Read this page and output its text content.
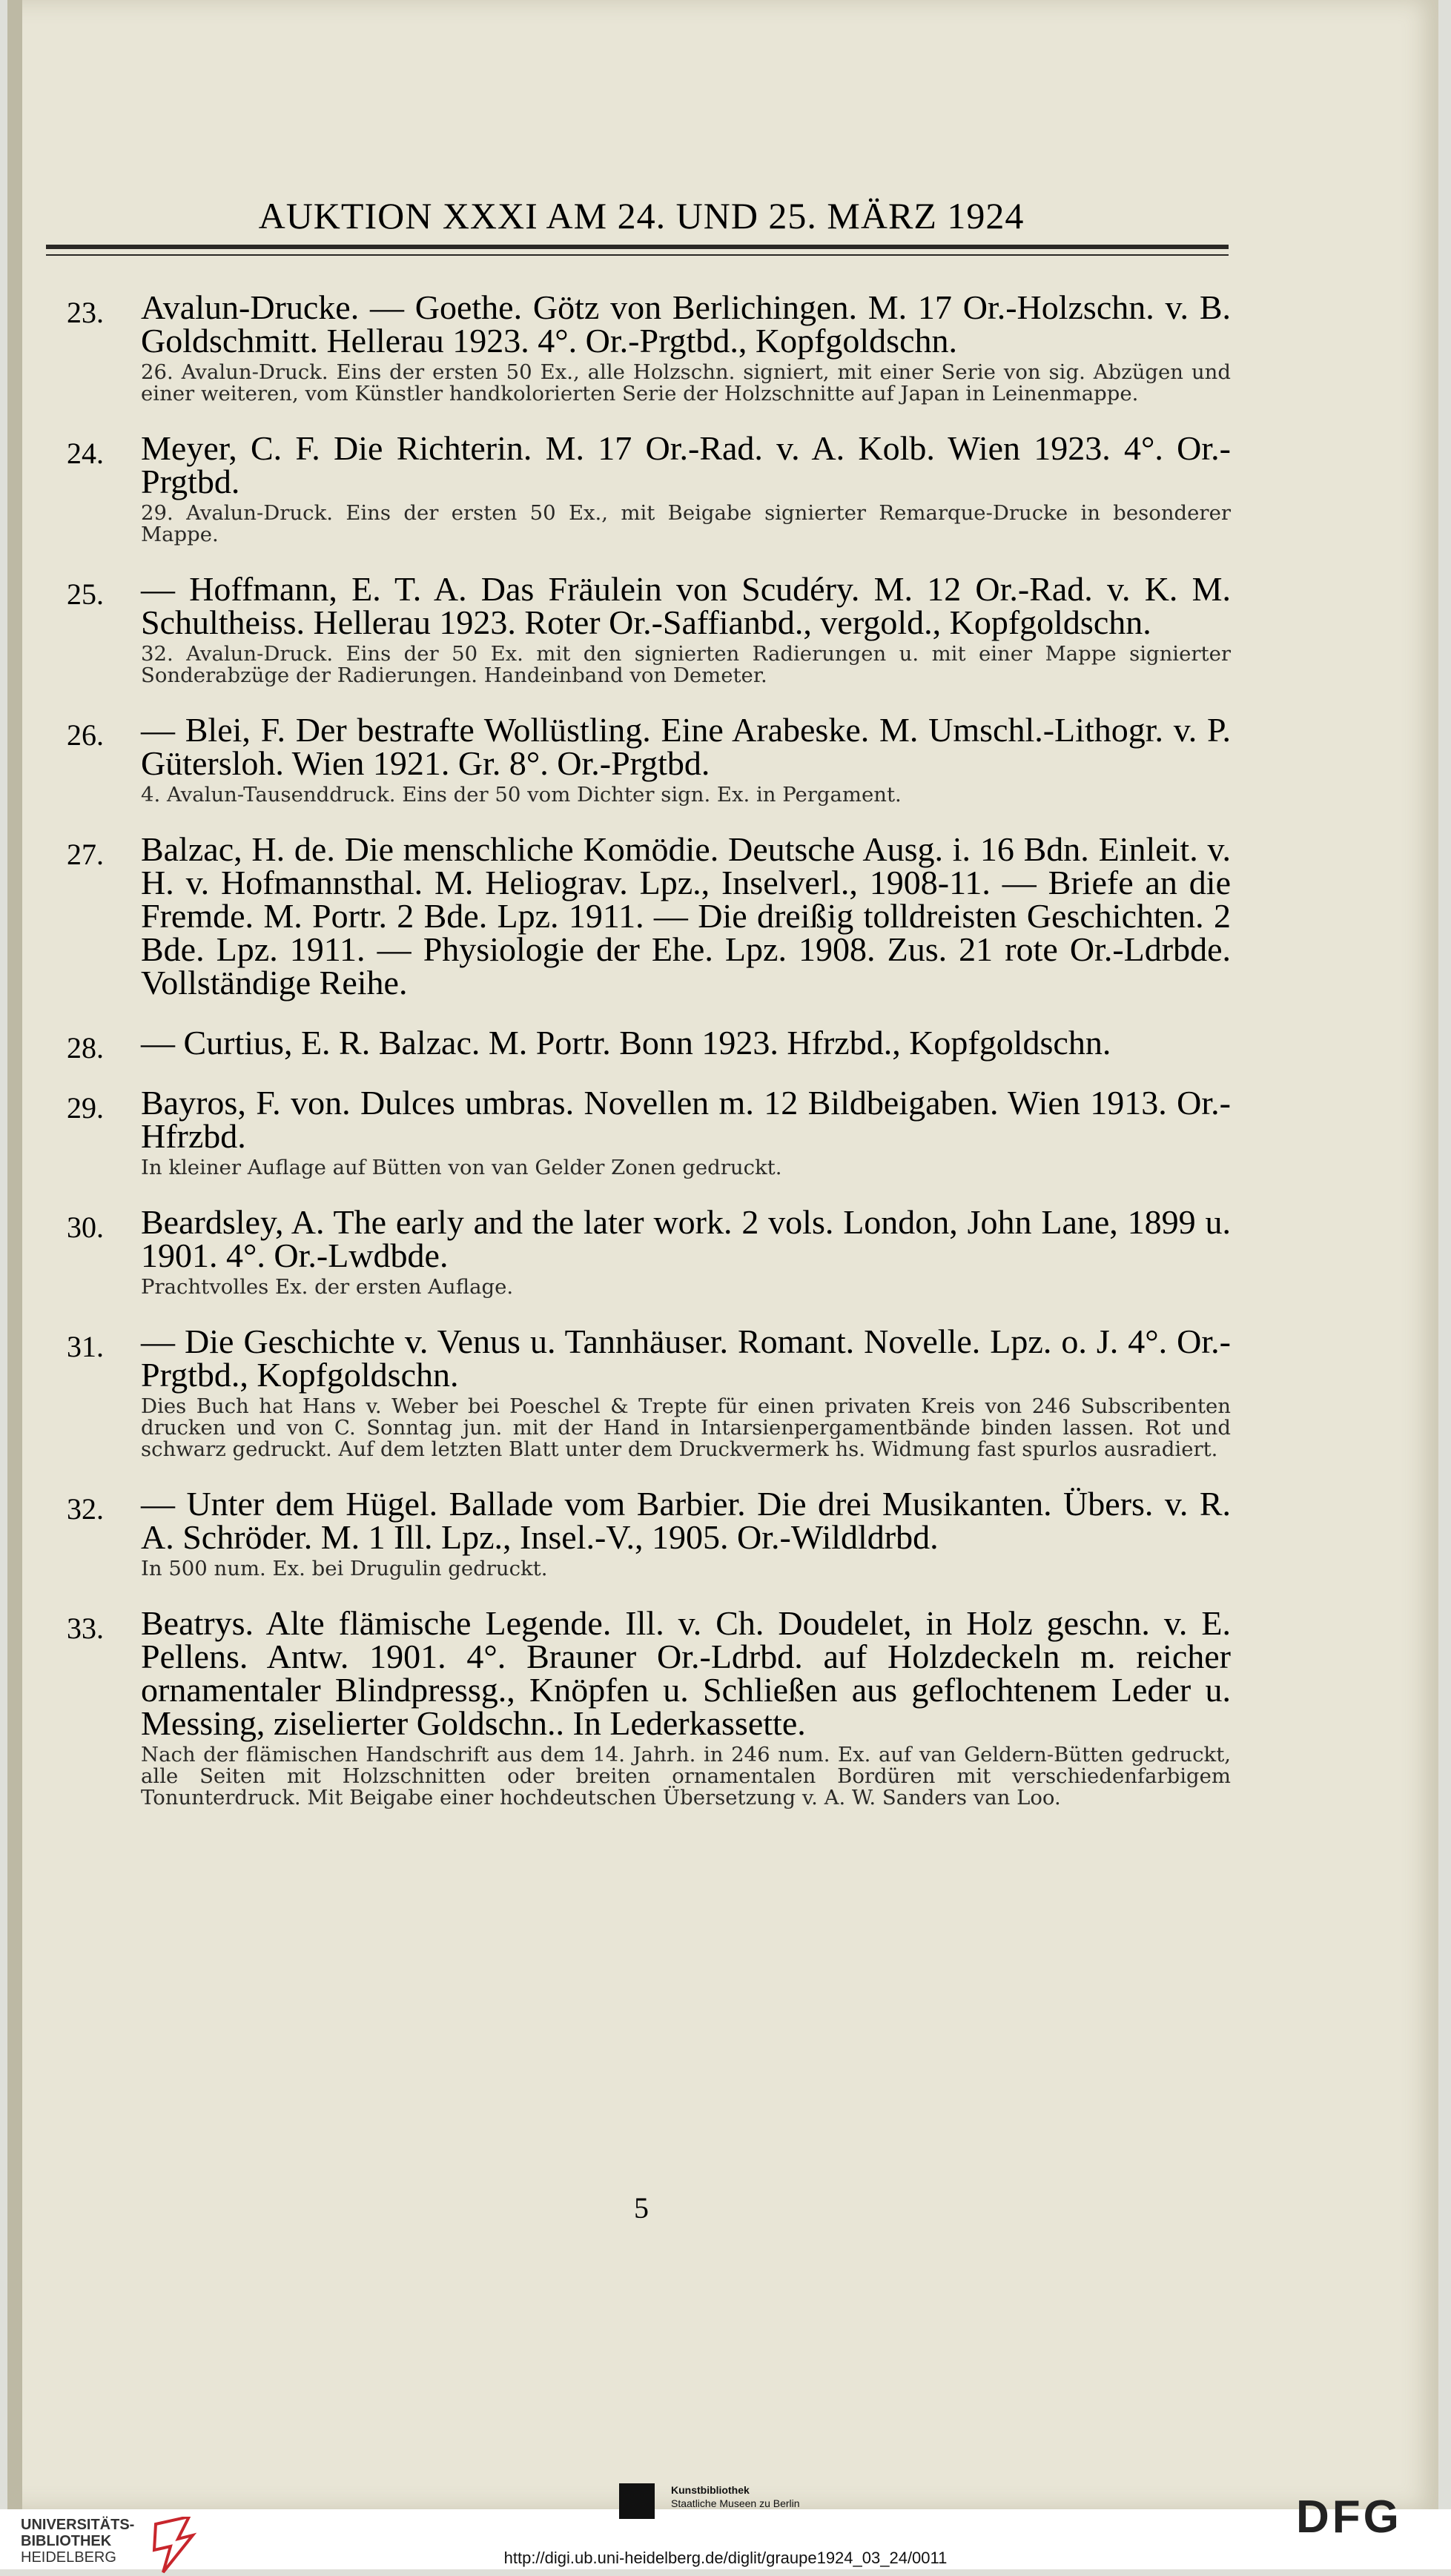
AUKTION XXXI AM 24. UND 25. MÄRZ 1924
23. Avalun-Drucke. — Goethe. Götz von Berlichingen. M. 17 Or.-Holzschn. v. B. Goldschmitt. Hellerau 1923. 4°. Or.-Prgtbd., Kopfgoldschn.
26. Avalun-Druck. Eins der ersten 50 Ex., alle Holzschn. signiert, mit einer Serie von sig. Abzügen und einer weiteren, vom Künstler handkolorierten Serie der Holzschnitte auf Japan in Leinenmappe.
24. Meyer, C. F. Die Richterin. M. 17 Or.-Rad. v. A. Kolb. Wien 1923. 4°. Or.-Prgtbd.
29. Avalun-Druck. Eins der ersten 50 Ex., mit Beigabe signierter Remarque-Drucke in besonderer Mappe.
25. — Hoffmann, E. T. A. Das Fräulein von Scudéry. M. 12 Or.-Rad. v. K. M. Schultheiss. Hellerau 1923. Roter Or.-Saffianbd., vergold., Kopfgoldschn.
32. Avalun-Druck. Eins der 50 Ex. mit den signierten Radierungen u. mit einer Mappe signierter Sonderabzüge der Radierungen. Handeinband von Demeter.
26. — Blei, F. Der bestrafte Wollüstling. Eine Arabeske. M. Umschl.-Lithogr. v. P. Gütersloh. Wien 1921. Gr. 8°. Or.-Prgtbd.
4. Avalun-Tausenddruck. Eins der 50 vom Dichter sign. Ex. in Pergament.
27. Balzac, H. de. Die menschliche Komödie. Deutsche Ausg. i. 16 Bdn. Einleit. v. H. v. Hofmannsthal. M. Heliograv. Lpz., Inselverl., 1908-11. — Briefe an die Fremde. M. Portr. 2 Bde. Lpz. 1911. — Die dreißig tolldreisten Geschichten. 2 Bde. Lpz. 1911. — Physiologie der Ehe. Lpz. 1908. Zus. 21 rote Or.-Ldrbde. Vollständige Reihe.
28. — Curtius, E. R. Balzac. M. Portr. Bonn 1923. Hfrzbd., Kopfgoldschn.
29. Bayros, F. von. Dulces umbras. Novellen m. 12 Bildbeigaben. Wien 1913. Or.-Hfrzbd.
In kleiner Auflage auf Bütten von van Gelder Zonen gedruckt.
30. Beardsley, A. The early and the later work. 2 vols. London, John Lane, 1899 u. 1901. 4°. Or.-Lwdbde.
Prachtvolles Ex. der ersten Auflage.
31. — Die Geschichte v. Venus u. Tannhäuser. Romant. Novelle. Lpz. o. J. 4°. Or.-Prgtbd., Kopfgoldschn.
Dies Buch hat Hans v. Weber bei Poeschel & Trepte für einen privaten Kreis von 246 Subscribenten drucken und von C. Sonntag jun. mit der Hand in Intarsienpergamentbände binden lassen. Rot und schwarz gedruckt. Auf dem letzten Blatt unter dem Druckvermerk hs. Widmung fast spurlos ausradiert.
32. — Unter dem Hügel. Ballade vom Barbier. Die drei Musikanten. Übers. v. R. A. Schröder. M. 1 Ill. Lpz., Insel.-V., 1905. Or.-Wildldrbd.
In 500 num. Ex. bei Drugulin gedruckt.
33. Beatrys. Alte flämische Legende. Ill. v. Ch. Doudelet, in Holz geschn. v. E. Pellens. Antw. 1901. 4°. Brauner Or.-Ldrbd. auf Holzdeckeln m. reicher ornamentaler Blindpressg., Knöpfen u. Schließen aus geflochtenem Leder u. Messing, ziselierter Goldschn.. In Lederkassette.
Nach der flämischen Handschrift aus dem 14. Jahrh. in 246 num. Ex. auf van Geldern-Bütten gedruckt, alle Seiten mit Holzschnitten oder breiten ornamentalen Bordüren mit verschiedenfarbigem Tonunterdruck. Mit Beigabe einer hochdeutschen Übersetzung v. A. W. Sanders van Loo.
5
UNIVERSITÄTS-
BIBLIOTHEK
HEIDELBERG
Kunstbibliothek
Staatliche Museen zu Berlin	DFG
http://digi.ub.uni-heidelberg.de/diglit/graupe1924_03_24/0011
